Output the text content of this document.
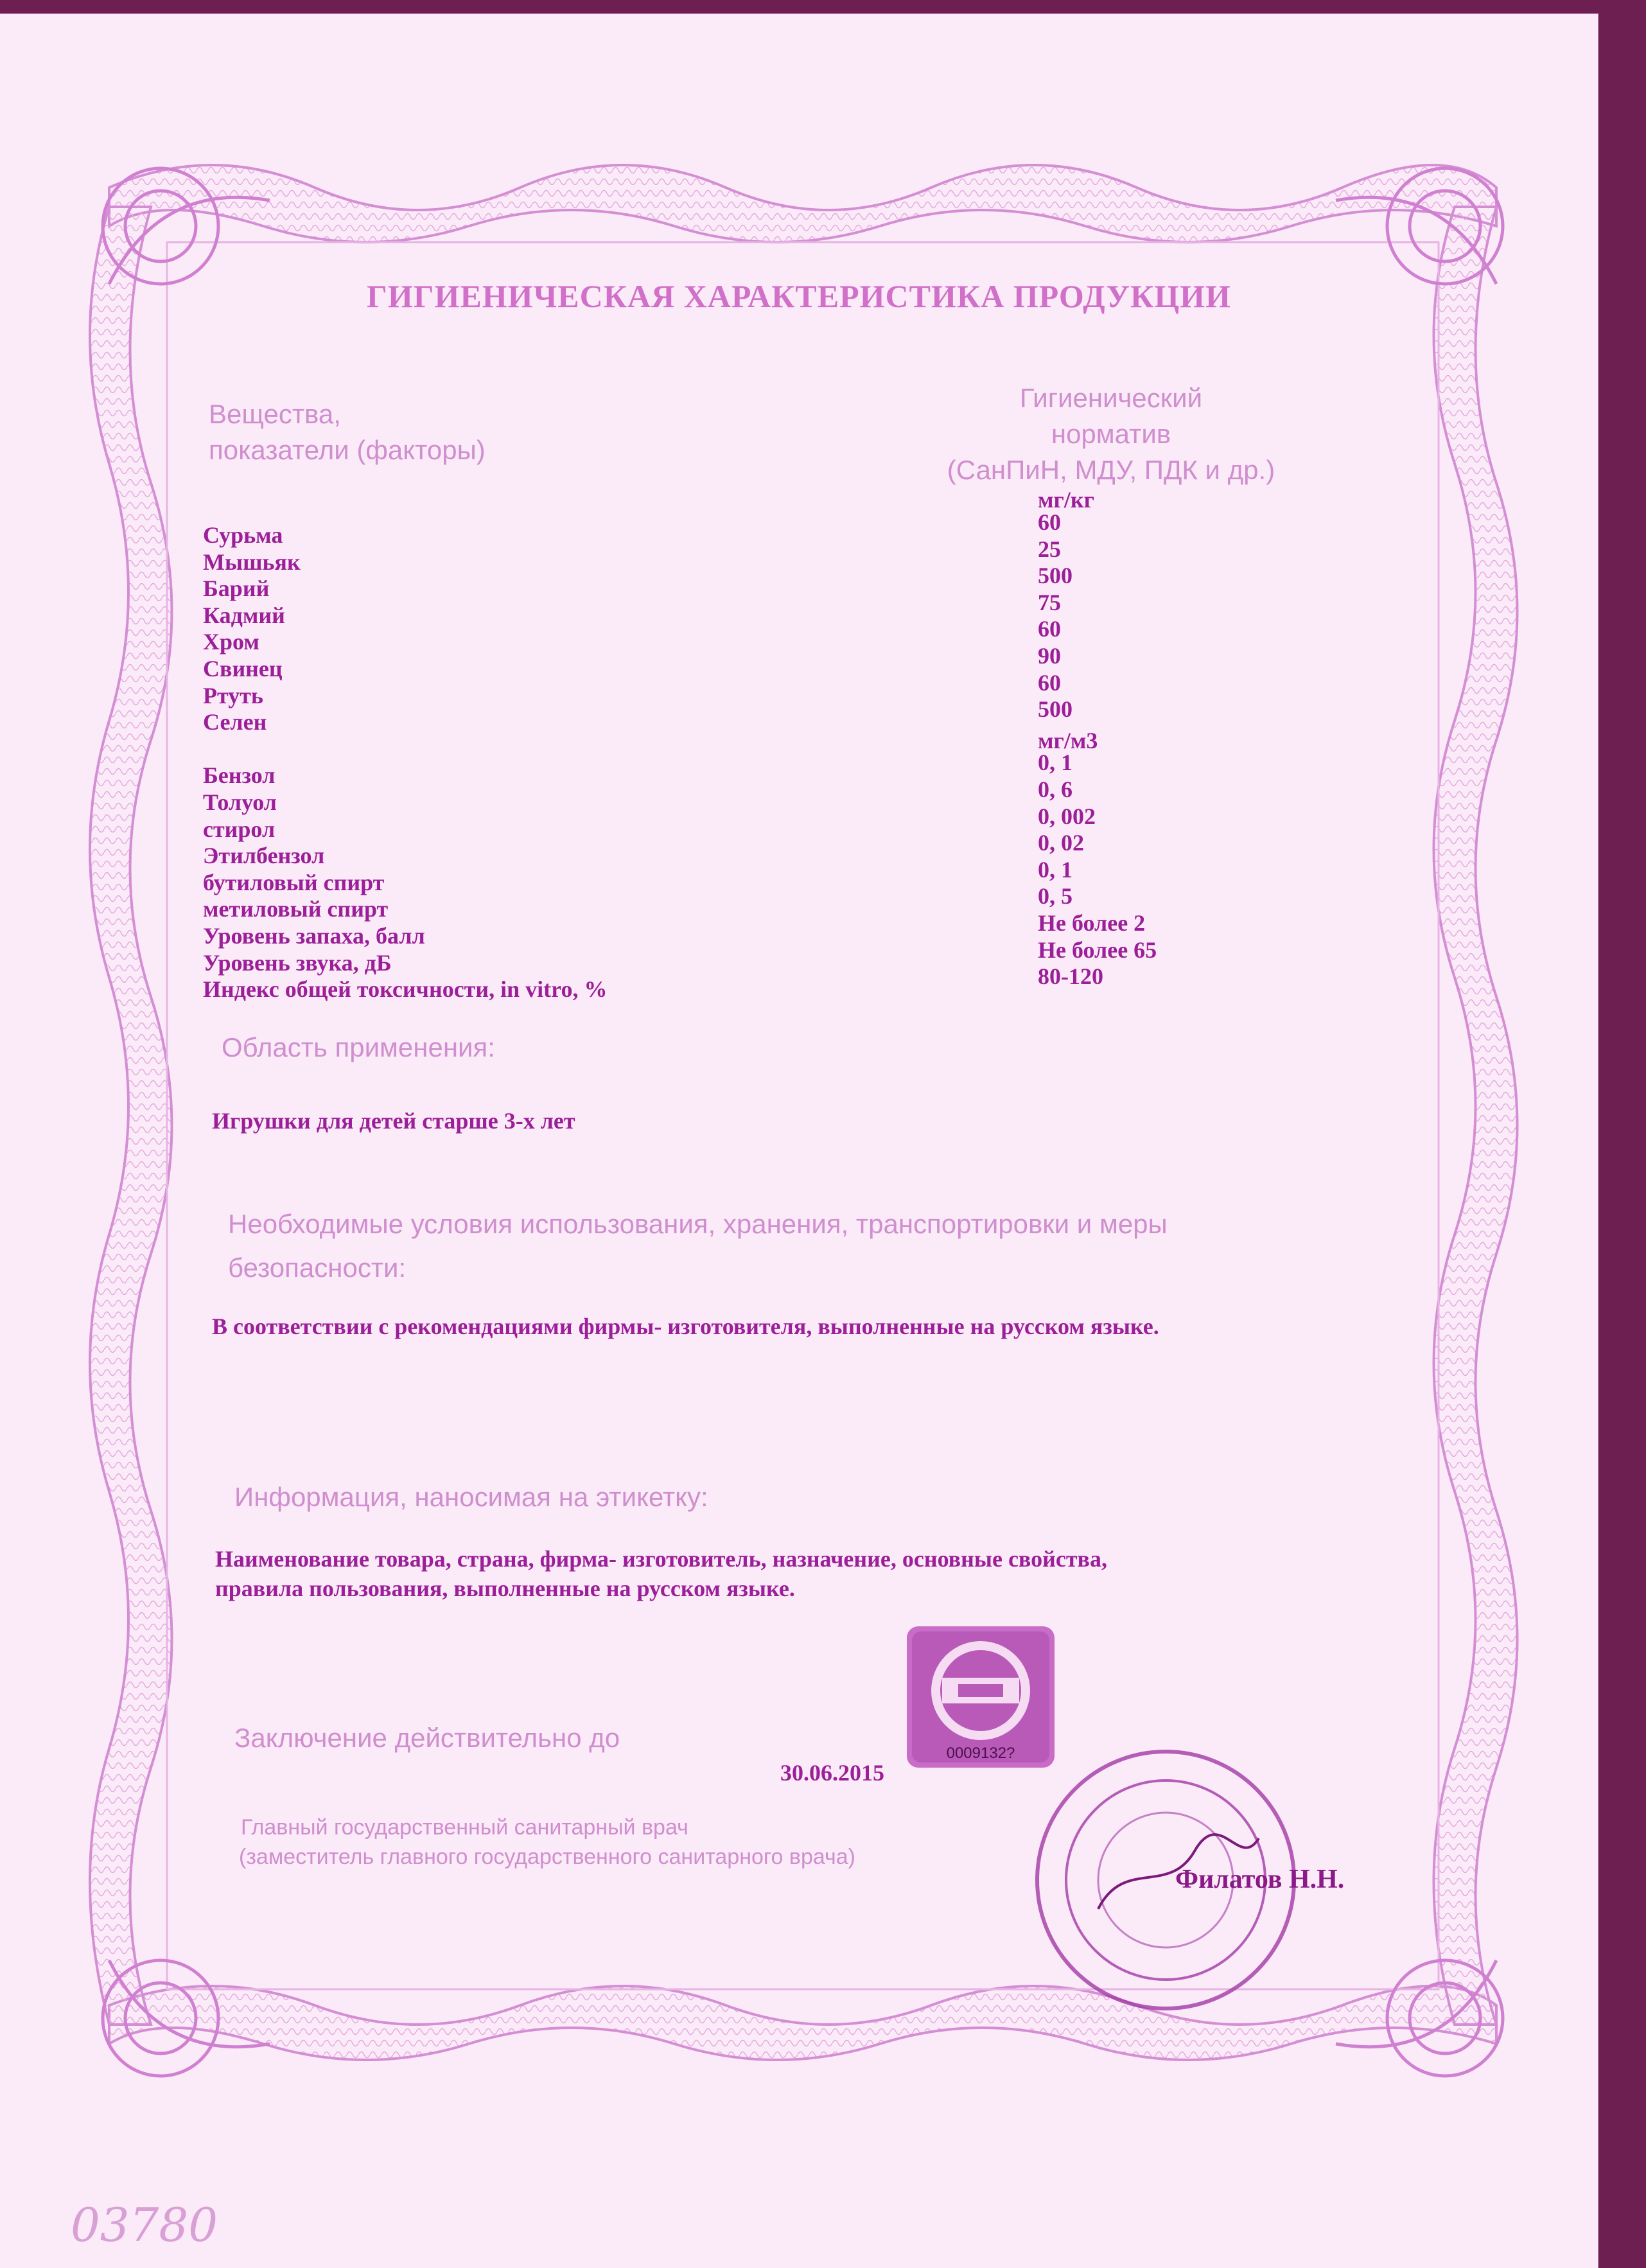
ГИГИЕНИЧЕСКАЯ ХАРАКТЕРИСТИКА ПРОДУКЦИИ
Вещества,
показатели (факторы)
Гигиенический
норматив
(СанПиН, МДУ, ПДК и др.)
мг/кг
мг/м3
Сурьма	60
Мышьяк	25
Барий	500
Кадмий	75
Хром	60
Свинец	90
Ртуть	60
Селен	500
Бензол	0, 1
Толуол	0, 6
стирол	0, 002
Этилбензол	0, 02
бутиловый спирт	0, 1
метиловый спирт	0, 5
Уровень запаха, балл	Не более 2
Уровень звука, дБ	Не более 65
Индекс общей токсичности, in vitro, %	80-120
Область применения:
Игрушки для детей старше 3-х лет
Необходимые условия использования, хранения, транспортировки и меры
безопасности:
В соответствии с рекомендациями фирмы- изготовителя, выполненные на русском языке.
Информация, наносимая на этикетку:
Наименование товара, страна, фирма- изготовитель, назначение, основные свойства,
правила пользования, выполненные на русском языке.
0009132?
Заключение действительно до
30.06.2015
Главный государственный санитарный врач
(заместитель главного государственного санитарного врача)
Филатов Н.Н.
03780
